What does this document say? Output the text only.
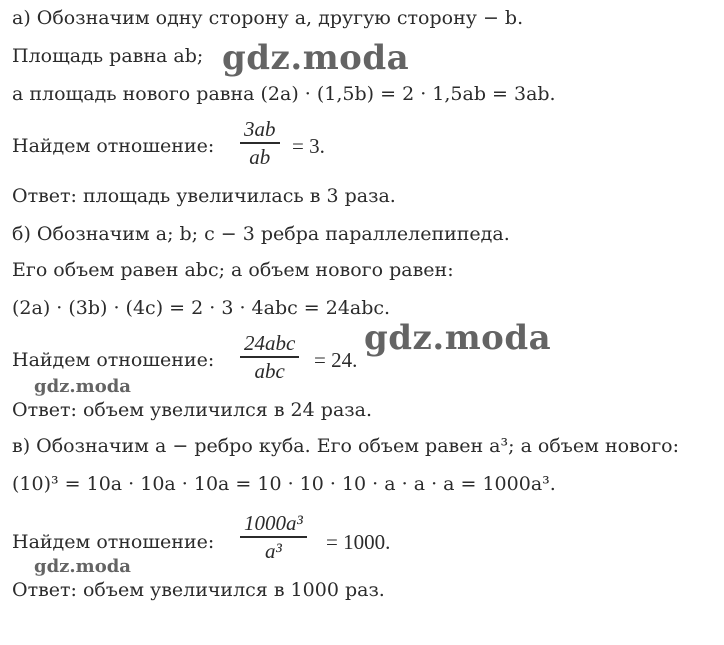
а) Обозначим одну сторону a, другую сторону − b.
Площадь равна ab;
а площадь нового равна (2a) · (1,5b) = 2 · 1,5ab = 3ab.
Найдем отношение:
3ab
ab = 3.
Ответ: площадь увеличилась в 3 раза.
б) Обозначим a; b; c − 3 ребра параллелепипеда.
Его объем равен abc; а объем нового равен:
(2a) · (3b) · (4c) = 2 · 3 · 4abc = 24abc.
Найдем отношение:
24abc
abc = 24.
Ответ: объем увеличился в 24 раза.
в) Обозначим a − ребро куба. Его объем равен a³; а объем нового:
(10)³ = 10a · 10a · 10a = 10 · 10 · 10 · a · a · a = 1000a³.
Найдем отношение:
1000a³
a³ = 1000.
Ответ: объем увеличился в 1000 раз.
gdz.moda
gdz.moda
gdz.moda
gdz.moda
